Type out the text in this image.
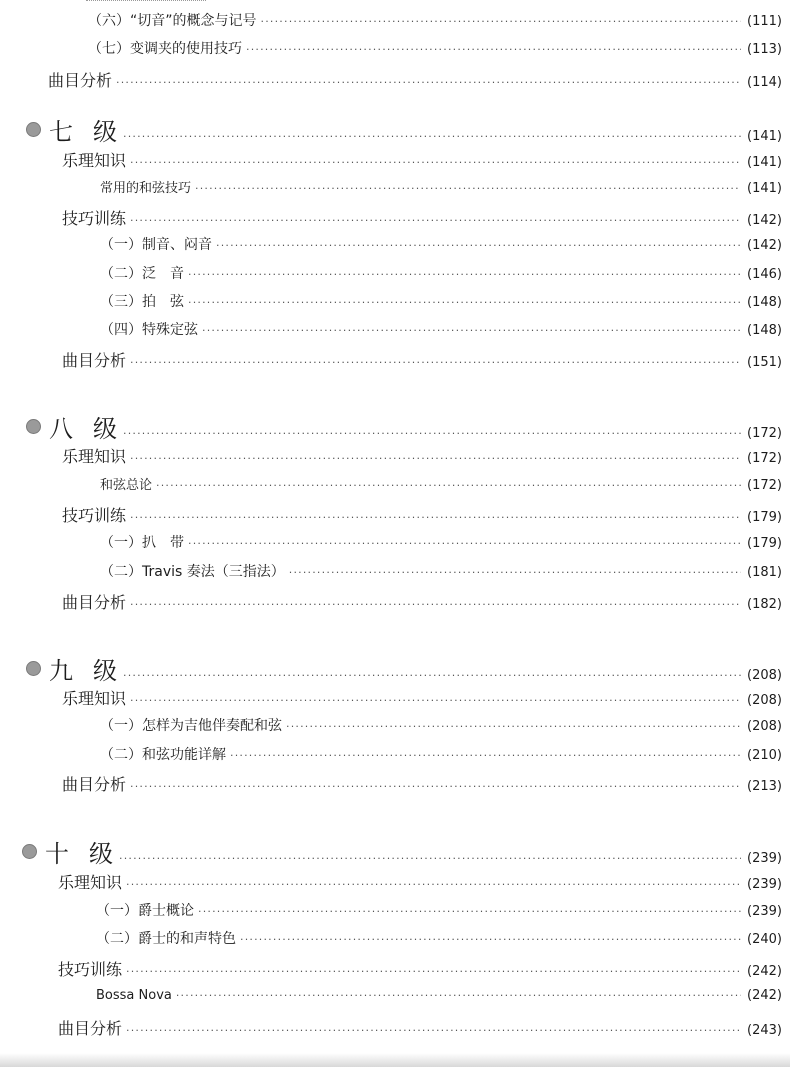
（六）“切音”的概念与记号 ·····	(111)
（七）变调夹的使用技巧 ·····	(113)
曲目分析 ·····	(114)
七 级 ·····	(141)
乐理知识 ·····	(141)
常用的和弦技巧 ·····	(141)
技巧训练 ·····	(142)
（一）制音、闷音 ·····	(142)
（二）泛　音 ·····	(146)
（三）拍　弦 ·····	(148)
（四）特殊定弦 ·····	(148)
曲目分析 ·····	(151)
八 级 ·····	(172)
乐理知识 ·····	(172)
和弦总论 ·····	(172)
技巧训练 ·····	(179)
（一）扒　带 ·····	(179)
（二）Travis 奏法（三指法） ·····	(181)
曲目分析 ·····	(182)
九 级 ·····	(208)
乐理知识 ·····	(208)
（一）怎样为吉他伴奏配和弦 ·····	(208)
（二）和弦功能详解 ·····	(210)
曲目分析 ·····	(213)
十 级 ·····	(239)
乐理知识 ·····	(239)
（一）爵士概论 ·····	(239)
（二）爵士的和声特色 ·····	(240)
技巧训练 ·····	(242)
Bossa Nova ·····	(242)
曲目分析 ·····	(243)
